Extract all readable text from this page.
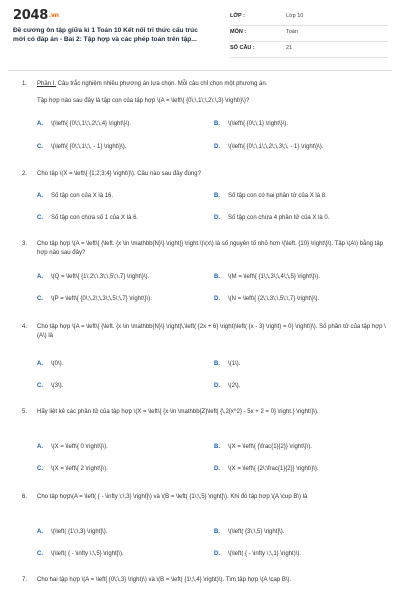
2048.vn
Đề cương ôn tập giữa kì 1 Toán 10 Kết nối tri thức cấu trúc
mới có đáp án - Bài 2: Tập hợp và các phép toán trên tập...
LỚP :	Lớp 10
MÔN :	Toán
SỐ CÂU :	21
1. Phần I. Câu trắc nghiệm nhiều phương án lựa chọn. Mỗi câu chỉ chọn một phương án.
Tập hợp nào sau đây là tập con của tập hợp \(A = \left\{ {0\;\,1\;\,2\;\,3} \right\}\)?
A. \(\left\{ {0\;\,1\;\,2\;\,4} \right\}\).	B. \(\left\{ {0\;\,1} \right\}\).
C. \(\left\{ {0\;\,1\;\, - 1} \right\}\).	D. \(\left\{ {0\;\,1\;\,2\;\,3\;\, - 1} \right\}\).
2. Cho tập \(X = \left\{ {1;2;3;4} \right\}\). Câu nào sau đây đúng?
A. Số tập con của X là 16.	B. Số tập con có hai phần tử của X là 8.
C. Số tập con chứa số 1 của X là 6.	D. Số tập con chứa 4 phần tử của X là 0.
3. Cho tập hợp \(A = \left\{ {\left. {x \in \mathbb{N}\} \right|} \right.\)\(x\) là số nguyên tố nhỏ hơn \(\left. {10} \right\}\). Tập \(A\) bằng tập hợp nào sau đây?
A. \(Q = \left\{ {1\;2\;\,3\;\,5\;\,7} \right\}\).	B. \(M = \left\{ {1\;\,3\;\,4\;\,5} \right\}\).
C. \(P = \left\{ {0\;\,2\;\,3\;\,5\;\,7} \right\}\).	D. \(N = \left\{ {2\;\,3\;\,5\;\,7} \right\}\).
4. Cho tập hợp \(A = \left\{ {\left. {x \in \mathbb{N}\} \right|\,\left( {2x + 6} \right)\left( {x - 3} \right) = 0} \right\}\). Số phần tử của tập hợp \(A\) là
A. \(0\).	B. \(1\).
C. \(3\).	D. \(2\).
5. Hãy liệt kê các phần tử của tập hợp \(X = \left\{ {x \in \mathbb{Z}\left| {\,2{x^2} - 5x + 2 = 0} \right.} \right\}\).
A. \(X = \left\{ 0 \right\}\).	B. \(X = \left\{ {\frac{1}{2}} \right\}\).
C. \(X = \left\{ 2 \right\}\).	D. \(X = \left\{ {2\;\frac{1}{2}} \right\}\).
6. Cho tập hợp\(A = \left( { - \infty \;\,3} \right]\) và \(B = \left( {1\;\,5} \right]\). Khi đó tập hợp \(A \cup B\) là
A. \(\left( {1\;\,3} \right]\).	B. \(\left( {3\;\,5} \right]\).
C. \(\left( { - \infty \;\,5} \right]\).	D. \(\left( { - \infty \;\,1} \right)\).
7. Cho hai tập hợp \(A = \left[ {0\;\,3} \right)\) và \(B = \left( {1\;\,4} \right)\). Tìm tập hợp \(A \cap B\).
